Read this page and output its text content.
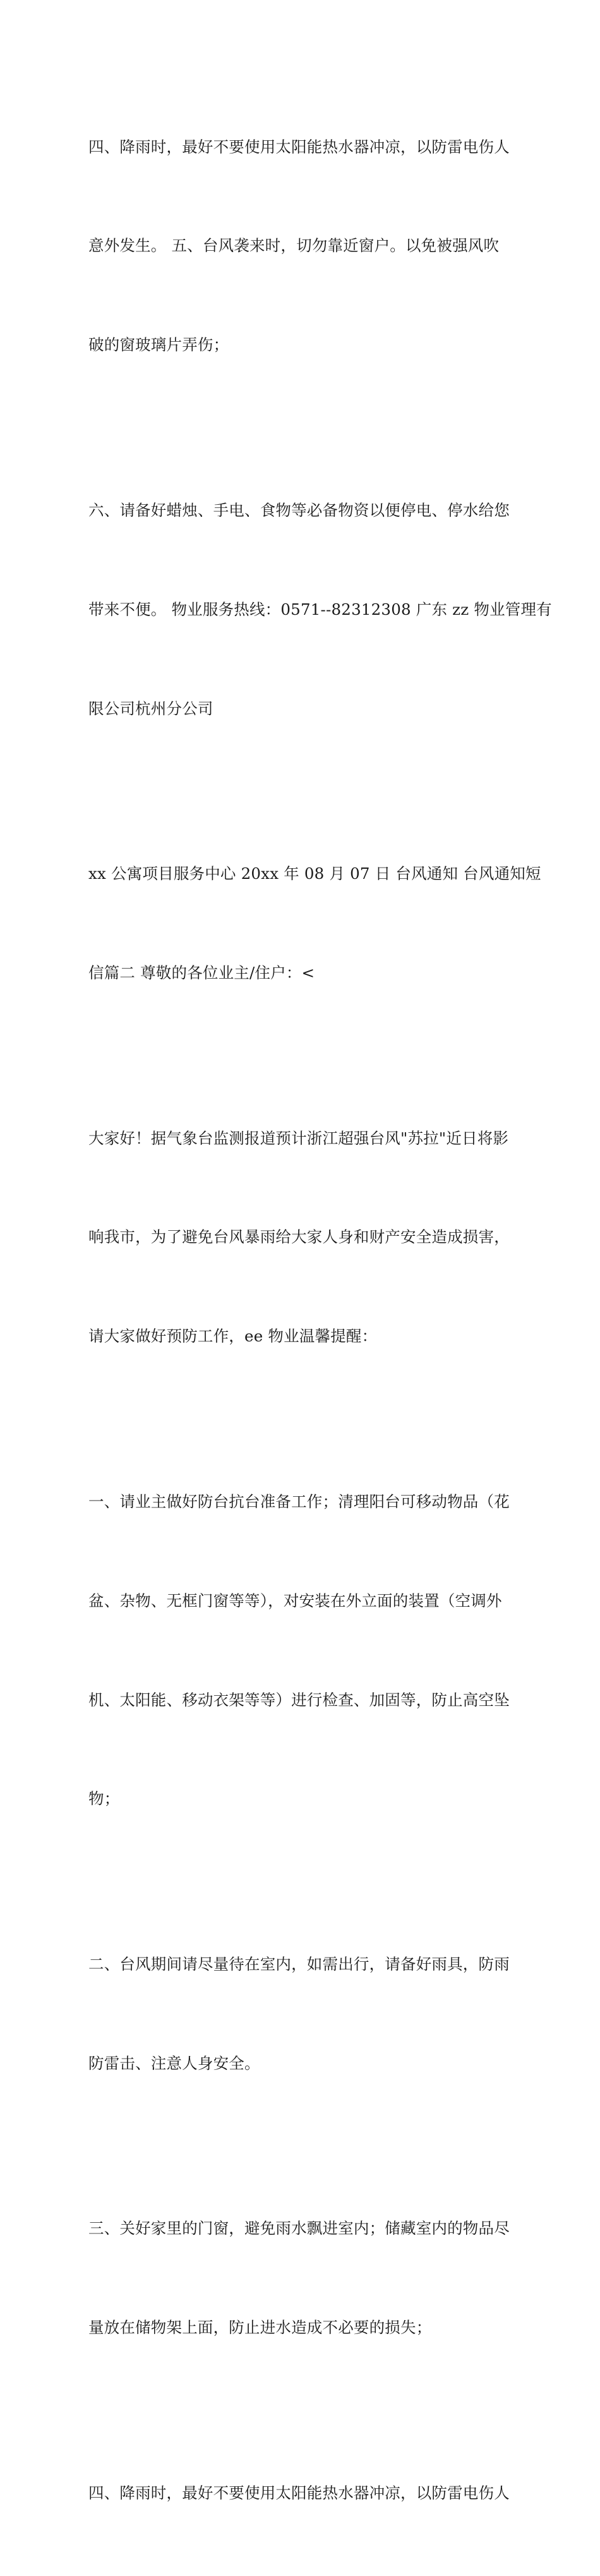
四、降雨时，最好不要使用太阳能热水器冲凉，以防雷电伤人

意外发生。 五、台风袭来时，切勿靠近窗户。以免被强风吹

破的窗玻璃片弄伤；

六、请备好蜡烛、手电、食物等必备物资以便停电、停水给您

带来不便。 物业服务热线：0571--82312308 广东 zz 物业管理有

限公司杭州分公司

xx 公寓项目服务中心 20xx 年 08 月 07 日 台风通知 台风通知短

信篇二 尊敬的各位业主/住户：<

大家好！据气象台监测报道预计浙江超强台风"苏拉"近日将影

响我市，为了避免台风暴雨给大家人身和财产安全造成损害，

请大家做好预防工作，ee 物业温馨提醒：

一、请业主做好防台抗台准备工作；清理阳台可移动物品（花

盆、杂物、无框门窗等等），对安装在外立面的装置（空调外

机、太阳能、移动衣架等等）进行检查、加固等，防止高空坠

物；

二、台风期间请尽量待在室内，如需出行，请备好雨具，防雨

防雷击、注意人身安全。

三、关好家里的门窗，避免雨水飘进室内；储藏室内的物品尽

量放在储物架上面，防止进水造成不必要的损失；

四、降雨时，最好不要使用太阳能热水器冲凉，以防雷电伤人
